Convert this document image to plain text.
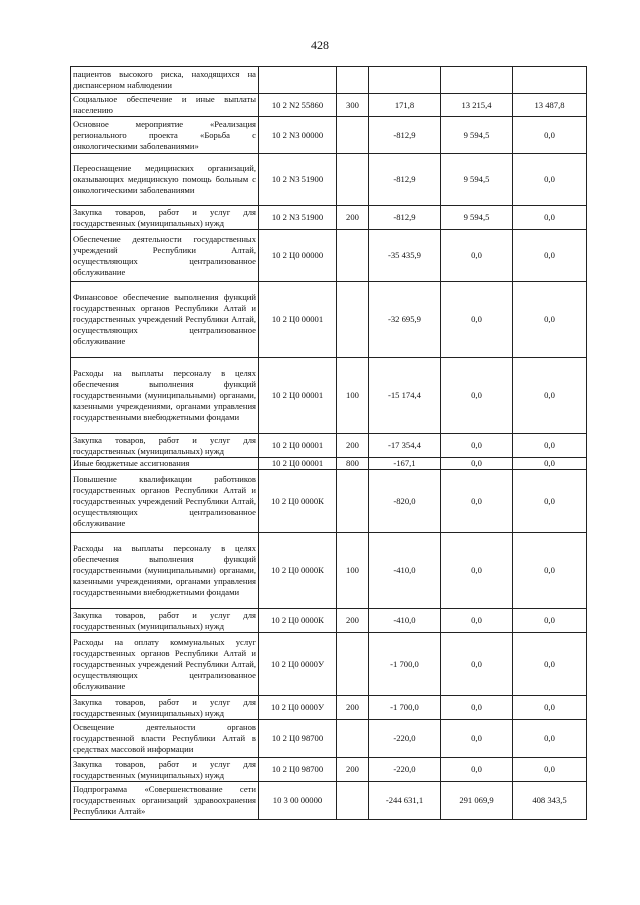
428
пациентов высокого риска, находящихся на диспансерном наблюдении					
Социальное обеспечение и иные выплаты населению	10 2 N2 55860	300	171,8	13 215,4	13 487,8
Основное мероприятие «Реализация регионального проекта «Борьба с онкологическими заболеваниями»	10 2 N3 00000		-812,9	9 594,5	0,0
Переоснащение медицинских организаций, оказывающих медицинскую помощь больным с онкологическими заболеваниями	10 2 N3 51900		-812,9	9 594,5	0,0
Закупка товаров, работ и услуг для государственных (муниципальных) нужд	10 2 N3 51900	200	-812,9	9 594,5	0,0
Обеспечение деятельности государственных учреждений Республики Алтай, осуществляющих централизованное обслуживание	10 2 Ц0 00000		-35 435,9	0,0	0,0
Финансовое обеспечение выполнения функций государственных органов Республики Алтай и государственных учреждений Республики Алтай, осуществляющих централизованное обслуживание	10 2 Ц0 00001		-32 695,9	0,0	0,0
Расходы на выплаты персоналу в целях обеспечения выполнения функций государственными (муниципальными) органами, казенными учреждениями, органами управления государственными внебюджетными фондами	10 2 Ц0 00001	100	-15 174,4	0,0	0,0
Закупка товаров, работ и услуг для государственных (муниципальных) нужд	10 2 Ц0 00001	200	-17 354,4	0,0	0,0
Иные бюджетные ассигнования	10 2 Ц0 00001	800	-167,1	0,0	0,0
Повышение квалификации работников государственных органов Республики Алтай и государственных учреждений Республики Алтай, осуществляющих централизованное обслуживание	10 2 Ц0 0000К		-820,0	0,0	0,0
Расходы на выплаты персоналу в целях обеспечения выполнения функций государственными (муниципальными) органами, казенными учреждениями, органами управления государственными внебюджетными фондами	10 2 Ц0 0000К	100	-410,0	0,0	0,0
Закупка товаров, работ и услуг для государственных (муниципальных) нужд	10 2 Ц0 0000К	200	-410,0	0,0	0,0
Расходы на оплату коммунальных услуг государственных органов Республики Алтай и государственных учреждений Республики Алтай, осуществляющих централизованное обслуживание	10 2 Ц0 0000У		-1 700,0	0,0	0,0
Закупка товаров, работ и услуг для государственных (муниципальных) нужд	10 2 Ц0 0000У	200	-1 700,0	0,0	0,0
Освещение деятельности органов государственной власти Республики Алтай в средствах массовой информации	10 2 Ц0 98700		-220,0	0,0	0,0
Закупка товаров, работ и услуг для государственных (муниципальных) нужд	10 2 Ц0 98700	200	-220,0	0,0	0,0
Подпрограмма «Совершенствование сети государственных организаций здравоохранения Республики Алтай»	10 3 00 00000		-244 631,1	291 069,9	408 343,5
